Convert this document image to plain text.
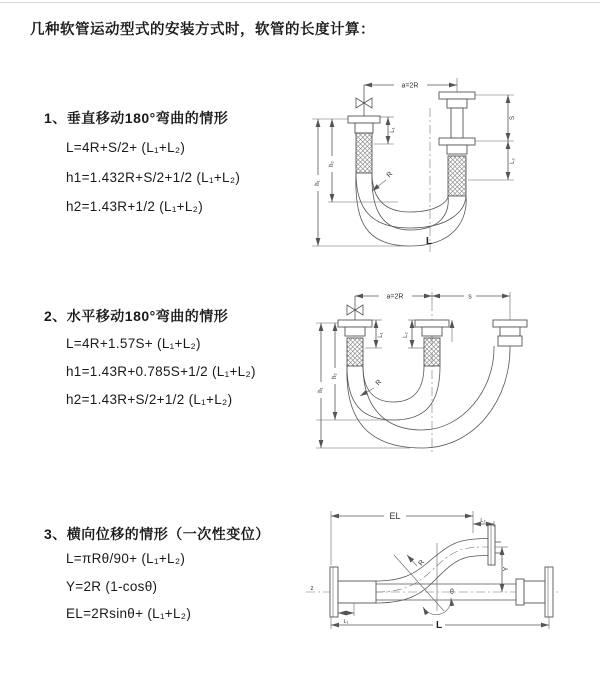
几种软管运动型式的安装方式时，软管的长度计算：
1、垂直移动180°弯曲的情形
L=4R+S/2+ (L₁+L₂)
h1=1.432R+S/2+1/2 (L₁+L₂)
h2=1.43R+1/2 (L₁+L₂)
a=2R
h₁
h₂
L₁
S
L₂
R
L
2、水平移动180°弯曲的情形
L=4R+1.57S+ (L₁+L₂)
h1=1.43R+0.785S+1/2 (L₁+L₂)
h2=1.43R+S/2+1/2 (L₁+L₂)
a=2R	s
h₁
h₂
L₁	L₂
R
3、横向位移的情形（一次性变位）
L=πRθ/90+ (L₁+L₂)
Y=2R (1-cosθ)
EL=2Rsinθ+ (L₁+L₂)
z	θ
EL	L₂
Y
L
L₁
R
